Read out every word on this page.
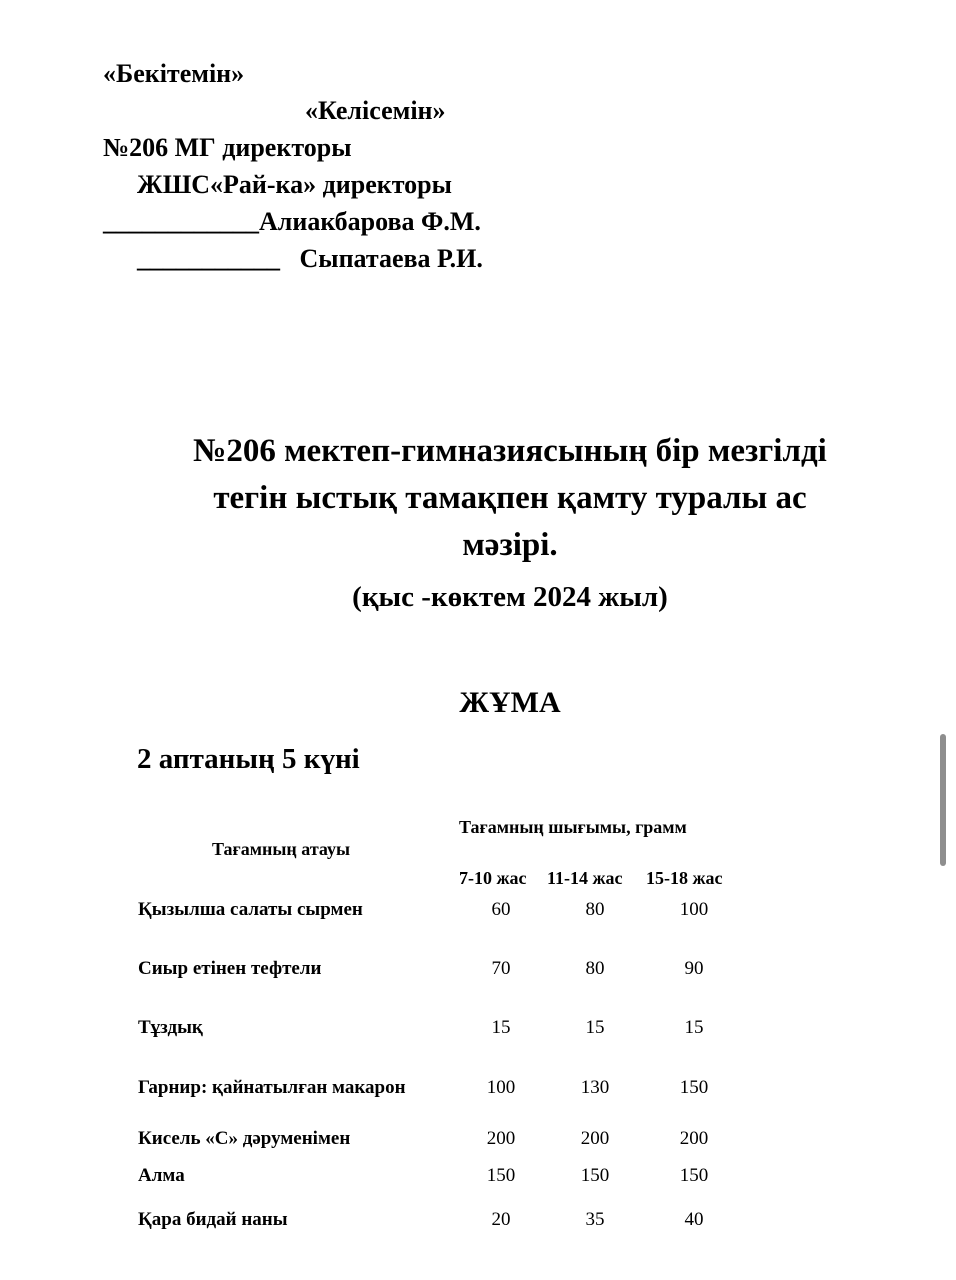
«Бекітемін»
«Келісемін»
№206 МГ директоры
ЖШС«Рай-ка» директоры
____________Алиакбарова Ф.М.
___________   Сыпатаева Р.И.
№206 мектеп-гимназиясының бір мезгілді
тегін ыстық тамақпен қамту туралы ас
мәзірі.
(қыс -көктем 2024 жыл)
ЖҰМА
2 аптаның 5 күні
Тағамның атауы
Тағамның шығымы, грамм
7-10 жас 11-14 жас 15-18 жас
Қызылша салаты сырмен	60	80	100
Сиыр етінен тефтели	70	80	90
Тұздық	15	15	15
Гарнир: қайнатылған макарон	100	130	150
Кисель «С» дәруменімен	200	200	200
Алма	150	150	150
Қара бидай наны	20	35	40
